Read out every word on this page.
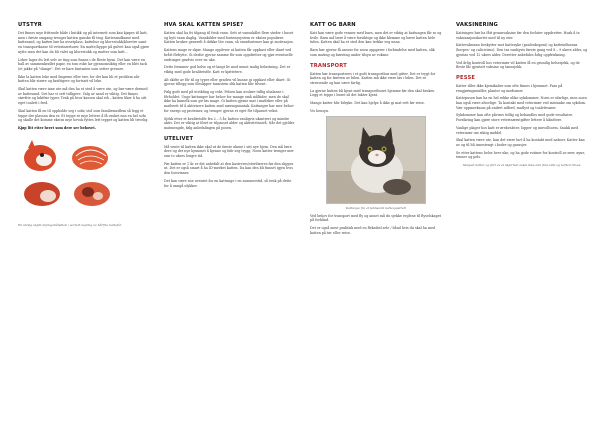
UTSTYR

Det finnes mye frittende både i butikk og på internett som kan kjøpes til katt, men i første omgang trenger katten ganske få ting. Kattesandkasse med kattesand, og katten bør ha avsetplass, kattebur og klorestokk/kloretre samt en transportkasse til veterinærturer. En matte/hyppe på gulvet kan også gjøre nytte men det kan da bli valet ag klorestokk og matter som katt...

Leker lager du lett selv av ting som finnes i de fleste hjem. Det kan være en ball av sammenkrøllet papir, en tom eske lar gjennomsiktig eller en blitt tack (et jakke på "slange". Det er bare fantasien som setter grenser.

Ikke la katten leke med fingrene eller tær, for det kan bli et problem når katten blir større og kraftigere og fortsatt vil leke.

Skal katten være inne ute må den ha et sted å være ute, og bør være dermed av kattesand. Det har vi sett tidligere. Valg av sand er viktig. Det finnes støvfrie og luktfrie typer. Tenk på hvor kassen skal stå – katten liker å ha sitt eget toalett i fred.

Skal katten få en til oppholde seg i sofa/ stol som familiemedlem så legg et teppe der plassen den er. Et teppe er mye lettere å få vasket enn en hel sofa og skulle det komme ekstra mye hevok fyttes lett teppet og katten bli trivelig.

Kjøp litt etter hvert som dere ser behovet.

En rørsig utgitt dyrlegehåndbok / sortert lagring av hårfrie kattefôr

HVA SKAL KATTEN SPISE?

Katten skal ha fri tilgang til frisk vann. Sett ut vannskålet flere steder i huset og bytt vann daglig. Vannkilder med fontenesystem er ekstra populære. Katten bruker generelt å drikke lite vann, så vannfontener kan gi motivasjon.

Kattens mage er skjør. Mange opplever at katten får oppkast eller diaré ved brått fôrbytte. Gi derfor gjerne samme fôr som oppdretter og gjør eventuelle endringer gradvis over en uke.

Dette fremmer god helse og et langt liv med minst mulig belastning. Det er viktig med gode kvalitetsfôr. Katt er kjøttetere.

Alt skifte av fôr til og typer eller gradvis vil kunne gi oppkast eller diaré. Gi gjerne tillegg som fôrslipper tannstein slik katten blir tilvent.

Følg godt med på utvikling og vekt. Pelsen kan avsløre tidlig ubalanse i fôrholdet. Unge kattunger har behov for mange små måltider, men de skal ikke ha kumelk som gir løs mage. Gi katten gjerne mat i matleker eller på matbrett til å aktivisere katten med næringsinntak. Kattunger har mer behov for energi og proteiner, og trenger gjerne et eget fôr tilpasset vekst.

Sjekk etter et kvalitetsfôr fra 2 – 5 år, katten vanligvis ukastrert og mindre aktiv. Det er viktig at fôret er tilpasset alder og aktivitetsnivå. Når det gjelder matmengde, følg anbefalingen på posen.

UTELIVET

Må vente til katten ikke skal ut de første ukene i sitt nye hjem. Den må lære dere og det nye hjemmet å kjenne og føle seg trygg. Noen katter trenger mer enn to ukers lengre tid.

Før katten er 1 år er det anbefalt at den kastreres/steriliseres før den slippes ut. Det er også smart å ha ID-merket katten. Da kan den bli funnet igjen hvis den forsvinner.

Det kan være noe uventet for en kattunge i en sommerstid, så tenk på dette for å unngå ulykker.

KATT OG BARN

Katt kan være gode venner med barn, men det er viktig at kattungen får ro og hvile. Barn må lære å være forsiktige og ikke klemme og bære katten hele tiden. Katten skal ha et sted den kan trekke seg unna.

Barn bør gjerne få ansvar for noen oppgaver i forbindelse med katten, slik som mating og børsting under tilsyn av voksne.

TRANSPORT

Katten bør transporteres i et godt transportbur med gitter. Det er trygt for katten og for føreren av bilen. Katten må ikke være løs i bilen. Det er stressende og kan være farlig.

La gjerne katten bli kjent med transportburet hjemme før den skal brukes. Legg et teppe i buret så det lukter kjent.

Mange katter blir bilsyke. Det kan hjelpe å ikke gi mat rett før reise.

Vis hensyn.

Kattunge fra et lønnsomt katteoppdrett

Ved behov for transport med fly og annet må du sjekke reglene til flyselskapet på forhånd.

Det er også mest praktisk med en fleksibel sele / bånd hvis du skal ha med katten på tur eller reise.

VAKSINERING

Kattungen bør ha fått grunnvaksine før den forlater oppdretter. Husk å ta vaksinasjonskortet med til ny eier.

Kattevaksinen beskytter mot kattesyke (panleukopeni) og katteinfluensa (herpes- og calicivirus). Den tas vanligvis første gang ved 8 – 9 ukers alder, og gjentas ved 12 ukers alder. Deretter anbefales årlig oppfriskning.

Ved årlig kontroll hos veterinær vil katten få en grundig helsesjekk, og de fleste får gjentatt vaksine og tannsjekk.

PESSE

Katter tåler ikke kjemikalier som ofte finnes i hjemmet. Pass på rengjøringsmidler, planter og medisiner.

Kattepusen kan ha en hel rekke ulike sykdommer. Noen er ufarlige, men noen kan også være alvorlige. Ta kontakt med veterinær ved mistanke om sykdom. Vær oppmerksom på endret adferd, matlyst og toalettvaner.

Sykdommer kan ofte påvises tidlig og behandles med gode resultater. Forsikring kan gjøre store veterinærutgifter lettere å håndtere.

Vanlige plager hos katt er ørekvalster, lopper og innvollsorm. Snakk med veterinær om riktig middel.

Skal katten være ute, kan det være lurt å ha kontakt med naboer. Katter kan av og til bli innestengt i boder og garasjer.

Se etter kattens helse hver uke, og ha gode rutiner for kontroll av ører, øyne, tenner og pels.

Skippet katter og ført av et skjermet eskel ikke den finn-ville og katten trives.
